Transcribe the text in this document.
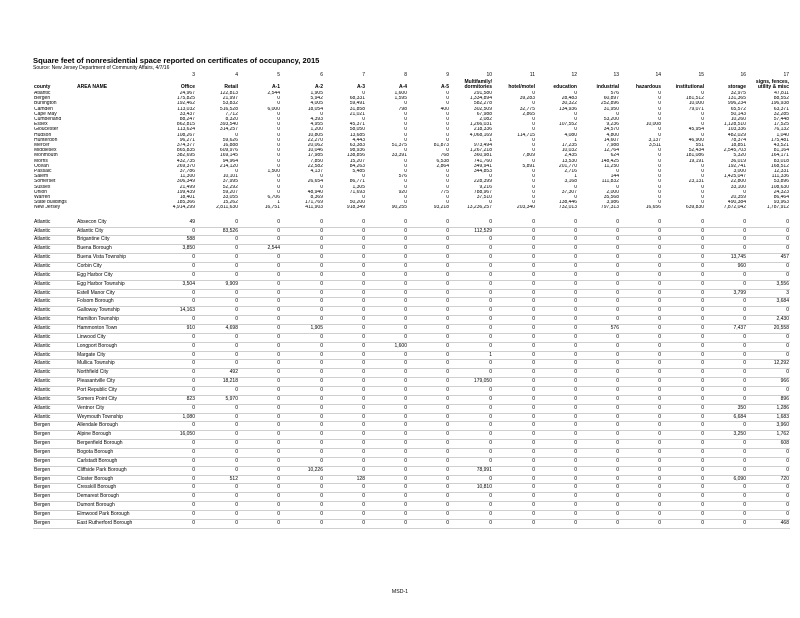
Square feet of nonresidential space reported on certificates of occupancy, 2015
Source: New Jersey Department of Community Affairs, 4/7/16
		3	4	5	6	7	8	9	10	11	12	13	14	15	16	17
county	AREA NAME	Office	Retail	A-1	A-2	A-3	A-4	A-5	Multifamily/ dormitories	hotel/motel	education	industrial	hazardous	institutional	storage	signs, fences, utility & misc
Atlantic		24,967	122,813	2,544	1,905	0	1,600	0	291,580	0	0	576	0	0	32,975	47,811
Bergen		175,825	21,997	0	5,942	68,331	1,595	0	1,334,894	39,283	28,483	60,897	0	181,512	131,365	88,552
Burlington		192,462	53,832	0	4,005	59,491	0	0	582,278	0	30,322	252,896	0	10,000	996,234	196,938
Camden		113,032	516,528	6,000	18,054	31,858	798	400	302,509	32,775	134,936	31,950	0	79,071	65,572	63,371
Cape May		33,437	7,712	0	0	21,021	0	0	67,988	2,865	0	0	0	0	50,143	32,285
Cumberland		88,247	8,320	0	4,393	0	0	0	2,082	0	0	53,200	0	0	10,260	57,448
Essex		862,815	393,540	0	4,955	45,371	0	0	1,266,031	0	107,552	9,236	10,008	0	1,128,510	17,525
Gloucester		113,624	314,257	0	1,200	58,050	0	0	218,336	0	0	34,570	0	45,954	103,336	76,132
Hudson		108,267	0	0	10,805	13,685	0	0	4,068,169	114,715	4,080	4,800	0	0	482,029	1,040
Hunterdon		96,271	59,626	0	22,270	4,443	0	0	1	0	1	14,607	3,137	46,900	78,374	175,481
Mercer		374,377	16,888	0	20,062	63,383	51,375	81,873	973,494	0	17,235	7,988	3,511	551	18,851	43,521
Middlesex		865,835	609,976	0	10,046	98,936	0	0	1,267,218	0	10,032	12,764	0	52,434	2,545,703	81,164
Monmouth		382,695	169,145	0	17,985	138,856	33,391	768	360,981	7,809	2,435	624	0	181,086	5,320	164,171
Morris		432,735	94,964	0	7,850	15,207	0	6,538	741,760	0	13,530	148,425	0	19,191	36,019	83,018
Ocean		269,370	214,120	0	22,582	84,263	0	2,864	349,941	5,891	201,770	11,250	0	0	192,741	168,512
Passaic		37,786	0	1,500	4,137	5,485	0	0	344,853	0	2,716	0	0	0	3,000	12,331
Salem		11,300	10,101	0	0	0	576	0	0	0	1	144	0	0	1,425,047	111,336
Somerset		306,349	37,995	0	26,654	86,771	0	0	228,399	0	3,168	111,832	0	23,131	22,800	53,896
Sussex		21,499	52,292	0	0	1,305	0	0	9,216	0	0	0	0	0	33,100	108,630
Union		199,439	59,207	0	48,940	71,693	920	775	788,967	0	37,307	2,000	0	0	0	24,323
Warren		18,401	33,055	6,706	8,369	0	0	0	37,510	0	0	35,568	0	0	20,359	86,464
State buildings		185,366	15,262	1	171,769	50,200	0	0	0	0	138,446	3,986	0	0	490,384	93,963
New Jersey		4,914,299	2,811,630	16,751	411,903	918,349	90,255	93,218	13,236,257	203,340	732,013	797,313	16,656	639,830	7,872,042	1,787,912

Atlantic	Absecon City	49	0	0	0	0	0	0	0	0	0	0	0	0	0	0
Atlantic	Atlantic City	0	83,526	0	0	0	0	0	112,529	0	0	0	0	0	0	0
Atlantic	Brigantine City	588	0	0	0	0	0	0	0	0	0	0	0	0	0	0
Atlantic	Buena Borough	3,850	0	2,544	0	0	0	0	0	0	0	0	0	0	0	0
Atlantic	Buena Vista Township	0	0	0	0	0	0	0	0	0	0	0	0	0	13,745	457
Atlantic	Corbin City	0	0	0	0	0	0	0	0	0	0	0	0	0	960	0
Atlantic	Egg Harbor City	0	0	0	0	0	0	0	0	0	0	0	0	0	0	0
Atlantic	Egg Harbor Township	3,504	9,909	0	0	0	0	0	0	0	0	0	0	0	0	3,556
Atlantic	Estell Manor City	0	0	0	0	0	0	0	0	0	0	0	0	0	3,799	3
Atlantic	Folsom Borough	0	0	0	0	0	0	0	0	0	0	0	0	0	0	3,684
Atlantic	Galloway Township	14,163	0	0	0	0	0	0	0	0	0	0	0	0	0	0
Atlantic	Hamilton Township	0	0	0	0	0	0	0	0	0	0	0	0	0	0	2,430
Atlantic	Hammonton Town	910	4,698	0	1,905	0	0	0	0	0	0	576	0	0	7,437	20,558
Atlantic	Linwood City	0	0	0	0	0	0	0	0	0	0	0	0	0	0	0
Atlantic	Longport Borough	0	0	0	0	0	1,600	0	0	0	0	0	0	0	0	0
Atlantic	Margate City	0	0	0	0	0	0	0	1	0	0	0	0	0	0	0
Atlantic	Mullica Township	0	0	0	0	0	0	0	0	0	0	0	0	0	0	12,292
Atlantic	Northfield City	0	492	0	0	0	0	0	0	0	0	0	0	0	0	0
Atlantic	Pleasantville City	0	18,218	0	0	0	0	0	179,050	0	0	0	0	0	0	966
Atlantic	Port Republic City	0	0	0	0	0	0	0	0	0	0	0	0	0	0	0
Atlantic	Somers Point City	823	5,970	0	0	0	0	0	0	0	0	0	0	0	0	896
Atlantic	Ventnor City	0	0	0	0	0	0	0	0	0	0	0	0	0	350	1,286
Atlantic	Weymouth Township	1,080	0	0	0	0	0	0	0	0	0	0	0	0	6,684	1,683
Bergen	Allendale Borough	0	0	0	0	0	0	0	0	0	0	0	0	0	0	3,960
Bergen	Alpine Borough	16,050	0	0	0	0	0	0	0	0	0	0	0	0	3,250	1,762
Bergen	Bergenfield Borough	0	0	0	0	0	0	0	0	0	0	0	0	0	0	608
Bergen	Bogota Borough	0	0	0	0	0	0	0	0	0	0	0	0	0	0	0
Bergen	Carlstadt Borough	0	0	0	0	0	0	0	0	0	0	0	0	0	0	0
Bergen	Cliffside Park Borough	0	0	0	10,226	0	0	0	78,991	0	0	0	0	0	0	0
Bergen	Closter Borough	0	512	0	0	128	0	0	0	0	0	0	0	0	6,090	720
Bergen	Cresskill Borough	0	0	0	0	0	0	0	10,810	0	0	0	0	0	0	0
Bergen	Demarest Borough	0	0	0	0	0	0	0	0	0	0	0	0	0	0	0
Bergen	Dumont Borough	0	0	0	0	0	0	0	0	0	0	0	0	0	0	0
Bergen	Elmwood Park Borough	0	0	0	0	0	0	0	0	0	0	0	0	0	0	0
Bergen	East Rutherford Borough	0	0	0	0	0	0	0	0	0	0	0	0	0	0	468
MSD-1
